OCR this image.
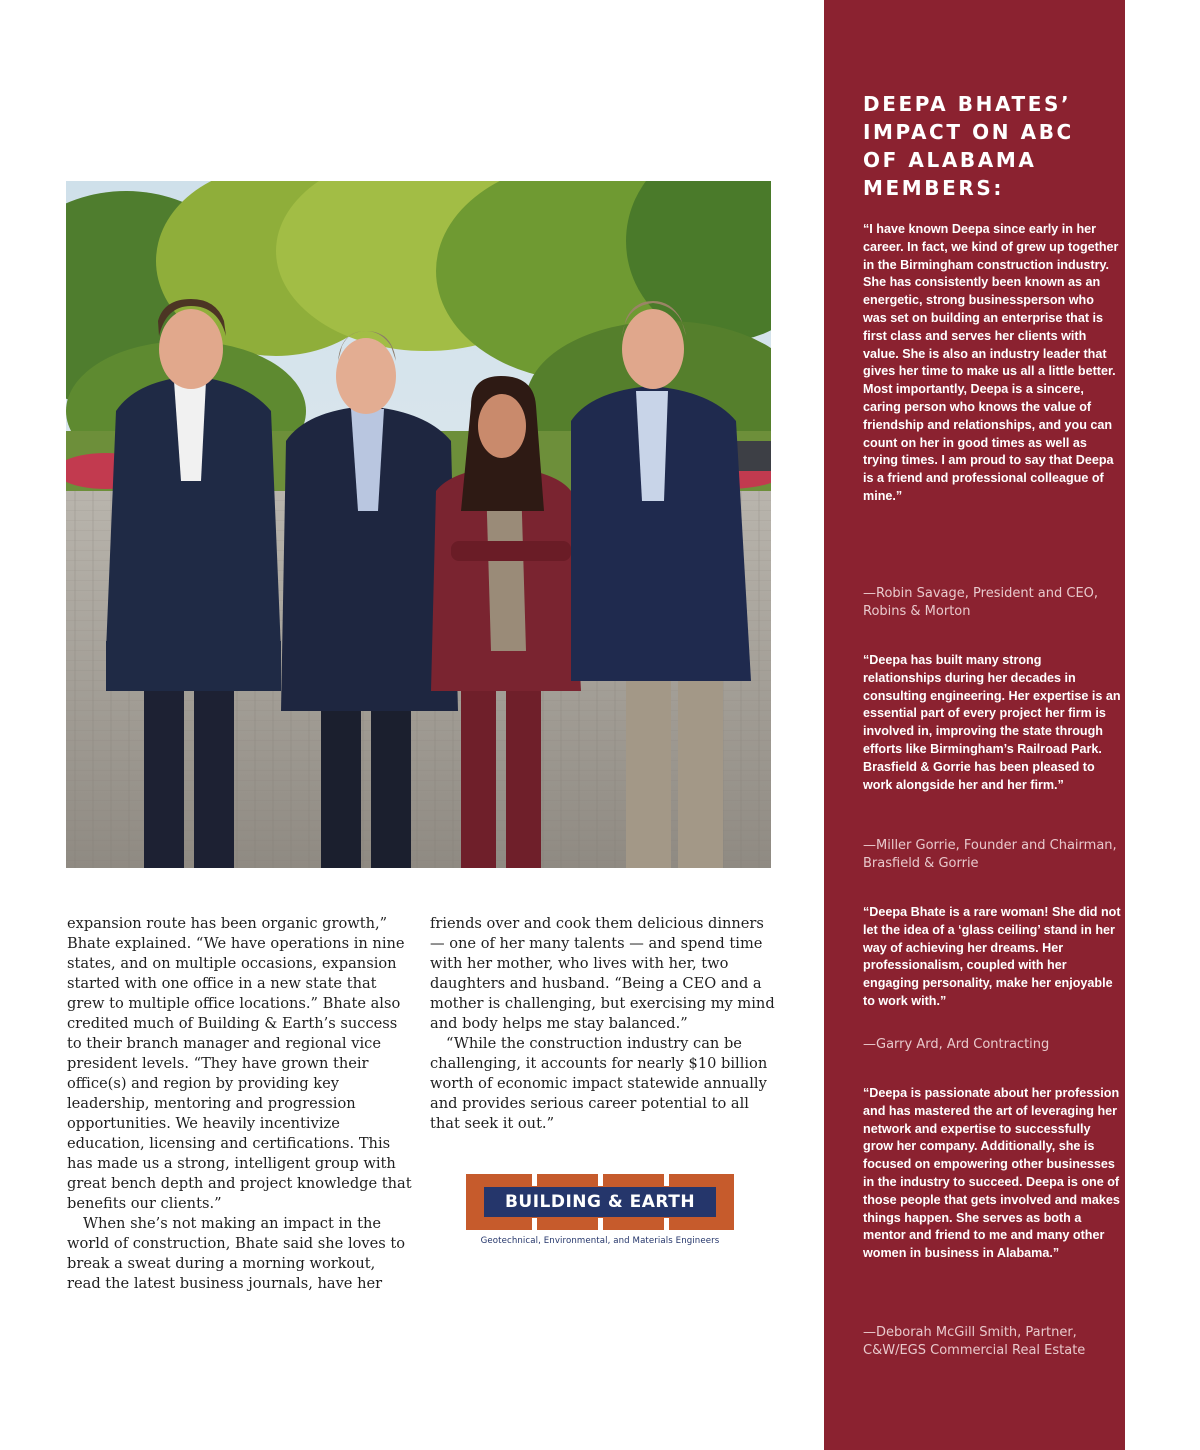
expansion route has been organic growth,” Bhate explained. “We have operations in nine states, and on multiple occasions, expansion started with one office in a new state that grew to multiple office locations.” Bhate also credited much of Building & Earth’s success to their branch manager and regional vice president levels. “They have grown their office(s) and region by providing key leadership, mentoring and progression opportunities. We heavily incentivize education, licensing and certifications. This has made us a strong, intelligent group with great bench depth and project knowledge that benefits our clients.”

When she’s not making an impact in the world of construction, Bhate said she loves to break a sweat during a morning workout, read the latest business journals, have her

friends over and cook them delicious dinners — one of her many talents — and spend time with her mother, who lives with her, two daughters and husband. “Being a CEO and a mother is challenging, but exercising my mind and body helps me stay balanced.”

“While the construction industry can be challenging, it accounts for nearly $10 billion worth of economic impact statewide annually and provides serious career potential to all that seek it out.”

BUILDING & EARTH
Geotechnical, Environmental, and Materials Engineers
DEEPA BHATES’ IMPACT ON ABC OF ALABAMA MEMBERS:
“I have known Deepa since early in her career. In fact, we kind of grew up together in the Birmingham construction industry. She has consistently been known as an energetic, strong businessperson who was set on building an enterprise that is first class and serves her clients with value. She is also an industry leader that gives her time to make us all a little better. Most importantly, Deepa is a sincere, caring person who knows the value of friendship and relationships, and you can count on her in good times as well as trying times. I am proud to say that Deepa is a friend and professional colleague of mine.”
—Robin Savage, President and CEO, Robins & Morton
“Deepa has built many strong relationships during her decades in consulting engineering. Her expertise is an essential part of every project her firm is involved in, improving the state through efforts like Birmingham’s Railroad Park. Brasfield & Gorrie has been pleased to work alongside her and her firm.”
—Miller Gorrie, Founder and Chairman, Brasfield & Gorrie
“Deepa Bhate is a rare woman! She did not let the idea of a ‘glass ceiling’ stand in her way of achieving her dreams. Her professionalism, coupled with her engaging personality, make her enjoyable to work with.”
—Garry Ard, Ard Contracting
“Deepa is passionate about her profession and has mastered the art of leveraging her network and expertise to successfully grow her company. Additionally, she is focused on empowering other businesses in the industry to succeed. Deepa is one of those people that gets involved and makes things happen. She serves as both a mentor and friend to me and many other women in business in Alabama.”
—Deborah McGill Smith, Partner, C&W/EGS Commercial Real Estate
